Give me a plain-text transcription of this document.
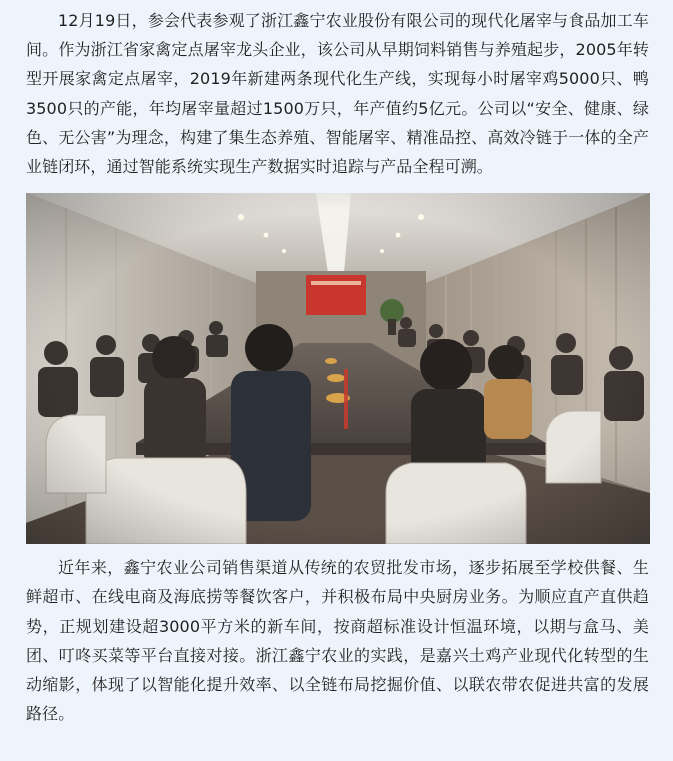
12月19日，参会代表参观了浙江鑫宁农业股份有限公司的现代化屠宰与食品加工车间。作为浙江省家禽定点屠宰龙头企业，该公司从早期饲料销售与养殖起步，2005年转型开展家禽定点屠宰，2019年新建两条现代化生产线，实现每小时屠宰鸡5000只、鸭3500只的产能，年均屠宰量超过1500万只，年产值约5亿元。公司以“安全、健康、绿色、无公害”为理念，构建了集生态养殖、智能屠宰、精准品控、高效冷链于一体的全产业链闭环，通过智能系统实现生产数据实时追踪与产品全程可溯。

近年来，鑫宁农业公司销售渠道从传统的农贸批发市场，逐步拓展至学校供餐、生鲜超市、在线电商及海底捞等餐饮客户，并积极布局中央厨房业务。为顺应直产直供趋势，正规划建设超3000平方米的新车间，按商超标准设计恒温环境，以期与盒马、美团、叮咚买菜等平台直接对接。浙江鑫宁农业的实践，是嘉兴土鸡产业现代化转型的生动缩影，体现了以智能化提升效率、以全链布局挖掘价值、以联农带农促进共富的发展路径。
